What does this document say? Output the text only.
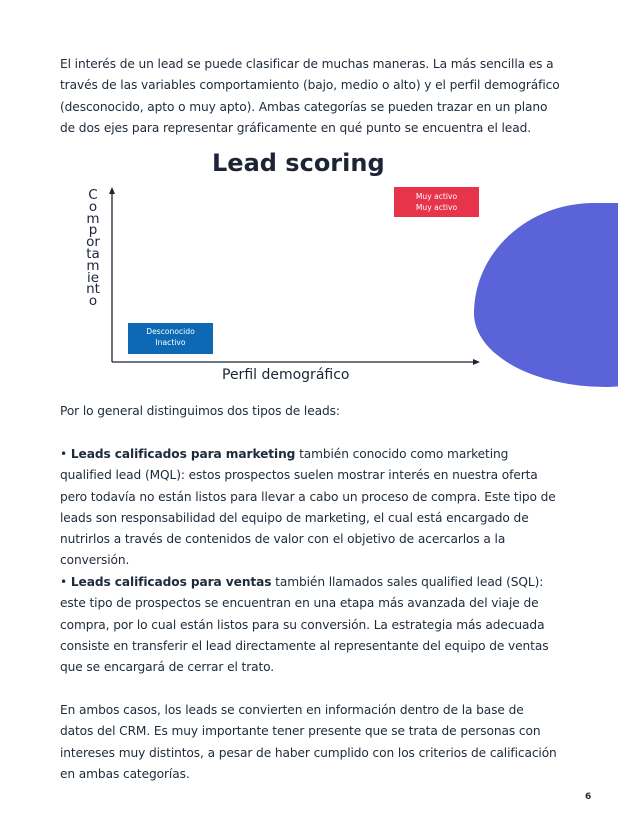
El interés de un lead se puede clasificar de muchas maneras. La más sencilla es a través de las variables comportamiento (bajo, medio o alto) y el perfil demográfico (desconocido, apto o muy apto). Ambas categorías se pueden trazar en un plano de dos ejes para representar gráficamente en qué punto se encuentra el lead.

Lead scoring
Comportamiento
Perfil demográfico
Desconocido
Inactivo
Muy activo
Muy activo

Por lo general distinguimos dos tipos de leads:

• Leads calificados para marketing también conocido como marketing qualified lead (MQL): estos prospectos suelen mostrar interés en nuestra oferta pero todavía no están listos para llevar a cabo un proceso de compra. Este tipo de leads son responsabilidad del equipo de marketing, el cual está encargado de nutrirlos a través de contenidos de valor con el objetivo de acercarlos a la conversión.

• Leads calificados para ventas también llamados sales qualified lead (SQL): este tipo de prospectos se encuentran en una etapa más avanzada del viaje de compra, por lo cual están listos para su conversión. La estrategia más adecuada consiste en transferir el lead directamente al representante del equipo de ventas que se encargará de cerrar el trato.

En ambos casos, los leads se convierten en información dentro de la base de datos del CRM. Es muy importante tener presente que se trata de personas con intereses muy distintos, a pesar de haber cumplido con los criterios de calificación en ambas categorías.

6
